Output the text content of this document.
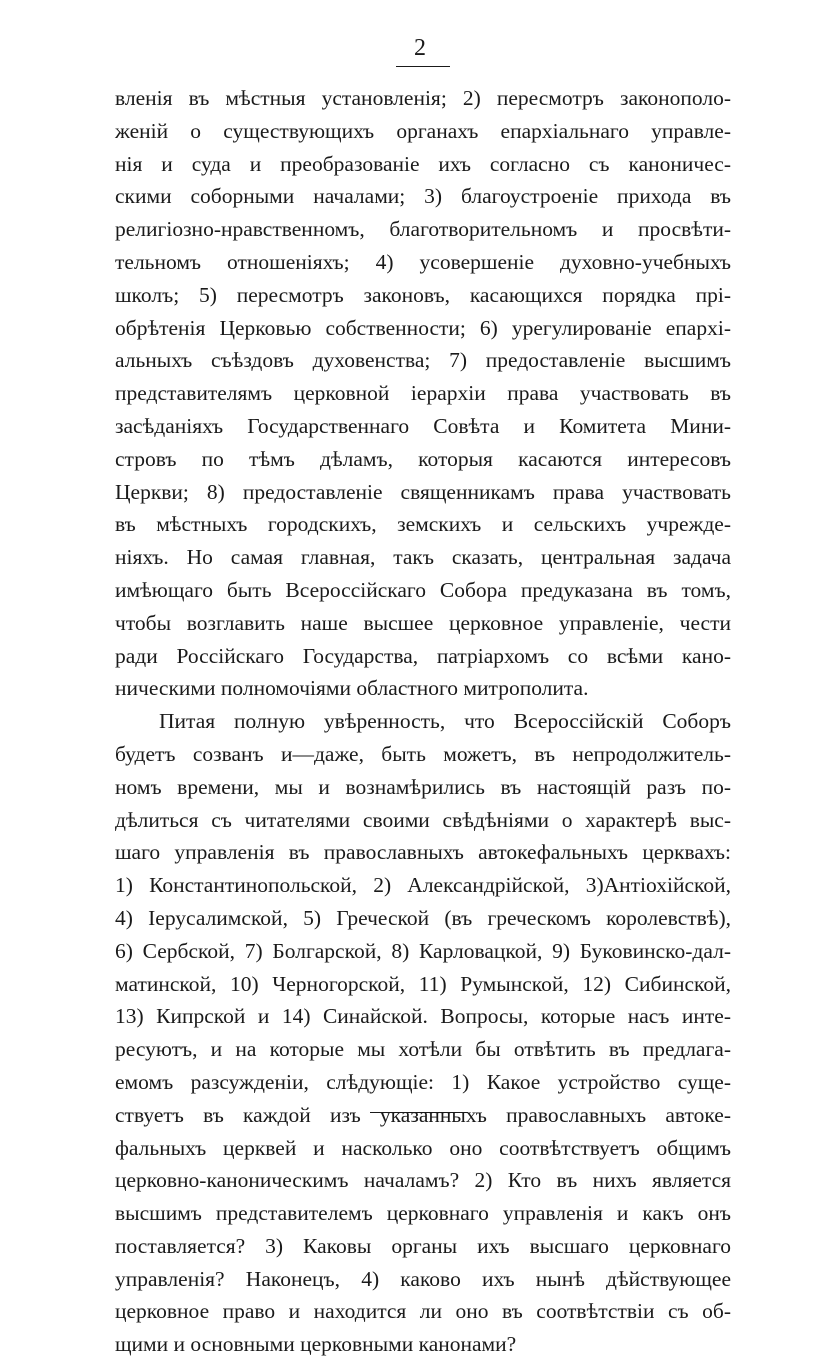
2
вленія въ мѣстныя установленія; 2) пересмотръ законополо-
женій о существующихъ органахъ епархіальнаго управле-
нія и суда и преобразованіе ихъ согласно съ каноничес-
скими соборными началами; 3) благоустроеніе прихода въ
религіозно-нравственномъ, благотворительномъ и просвѣти-
тельномъ отношеніяхъ; 4) усовершеніе духовно-учебныхъ
школъ; 5) пересмотръ законовъ, касающихся порядка прі-
обрѣтенія Церковью собственности; 6) урегулированіе епархі-
альныхъ съѣздовъ духовенства; 7) предоставленіе высшимъ
представителямъ церковной іерархіи права участвовать въ
засѣданіяхъ Государственнаго Совѣта и Комитета Мини-
стровъ по тѣмъ дѣламъ, которыя касаются интересовъ
Церкви; 8) предоставленіе священникамъ права участвовать
въ мѣстныхъ городскихъ, земскихъ и сельскихъ учрежде-
ніяхъ. Но самая главная, такъ сказать, центральная задача
имѣющаго быть Всероссійскаго Собора предуказана въ томъ,
чтобы возглавить наше высшее церковное управленіе, чести
ради Россійскаго Государства, патріархомъ со всѣми кано-
ническими полномочіями областного митрополита.
Питая полную увѣренность, что Всероссійскій Соборъ
будетъ созванъ и—даже, быть можетъ, въ непродолжитель-
номъ времени, мы и вознамѣрились въ настоящій разъ по-
дѣлиться съ читателями своими свѣдѣніями о характерѣ выс-
шаго управленія въ православныхъ автокефальныхъ церквахъ:
1) Константинопольской, 2) Александрійской, 3)Антіохійской,
4) Іерусалимской, 5) Греческой (въ греческомъ королевствѣ),
6) Сербской, 7) Болгарской, 8) Карловацкой, 9) Буковинско-дал-
матинской, 10) Черногорской, 11) Румынской, 12) Сибинской,
13) Кипрской и 14) Синайской. Вопросы, которые насъ инте-
ресуютъ, и на которые мы хотѣли бы отвѣтить въ предлага-
емомъ разсужденіи, слѣдующіе: 1) Какое устройство суще-
ствуетъ въ каждой изъ указанныхъ православныхъ автоке-
фальныхъ церквей и насколько оно соотвѣтствуетъ общимъ
церковно-каноническимъ началамъ? 2) Кто въ нихъ является
высшимъ представителемъ церковнаго управленія и какъ онъ
поставляется? 3) Каковы органы ихъ высшаго церковнаго
управленія? Наконецъ, 4) каково ихъ нынѣ дѣйствующее
церковное право и находится ли оно въ соотвѣтствіи съ об-
щими и основными церковными канонами?
